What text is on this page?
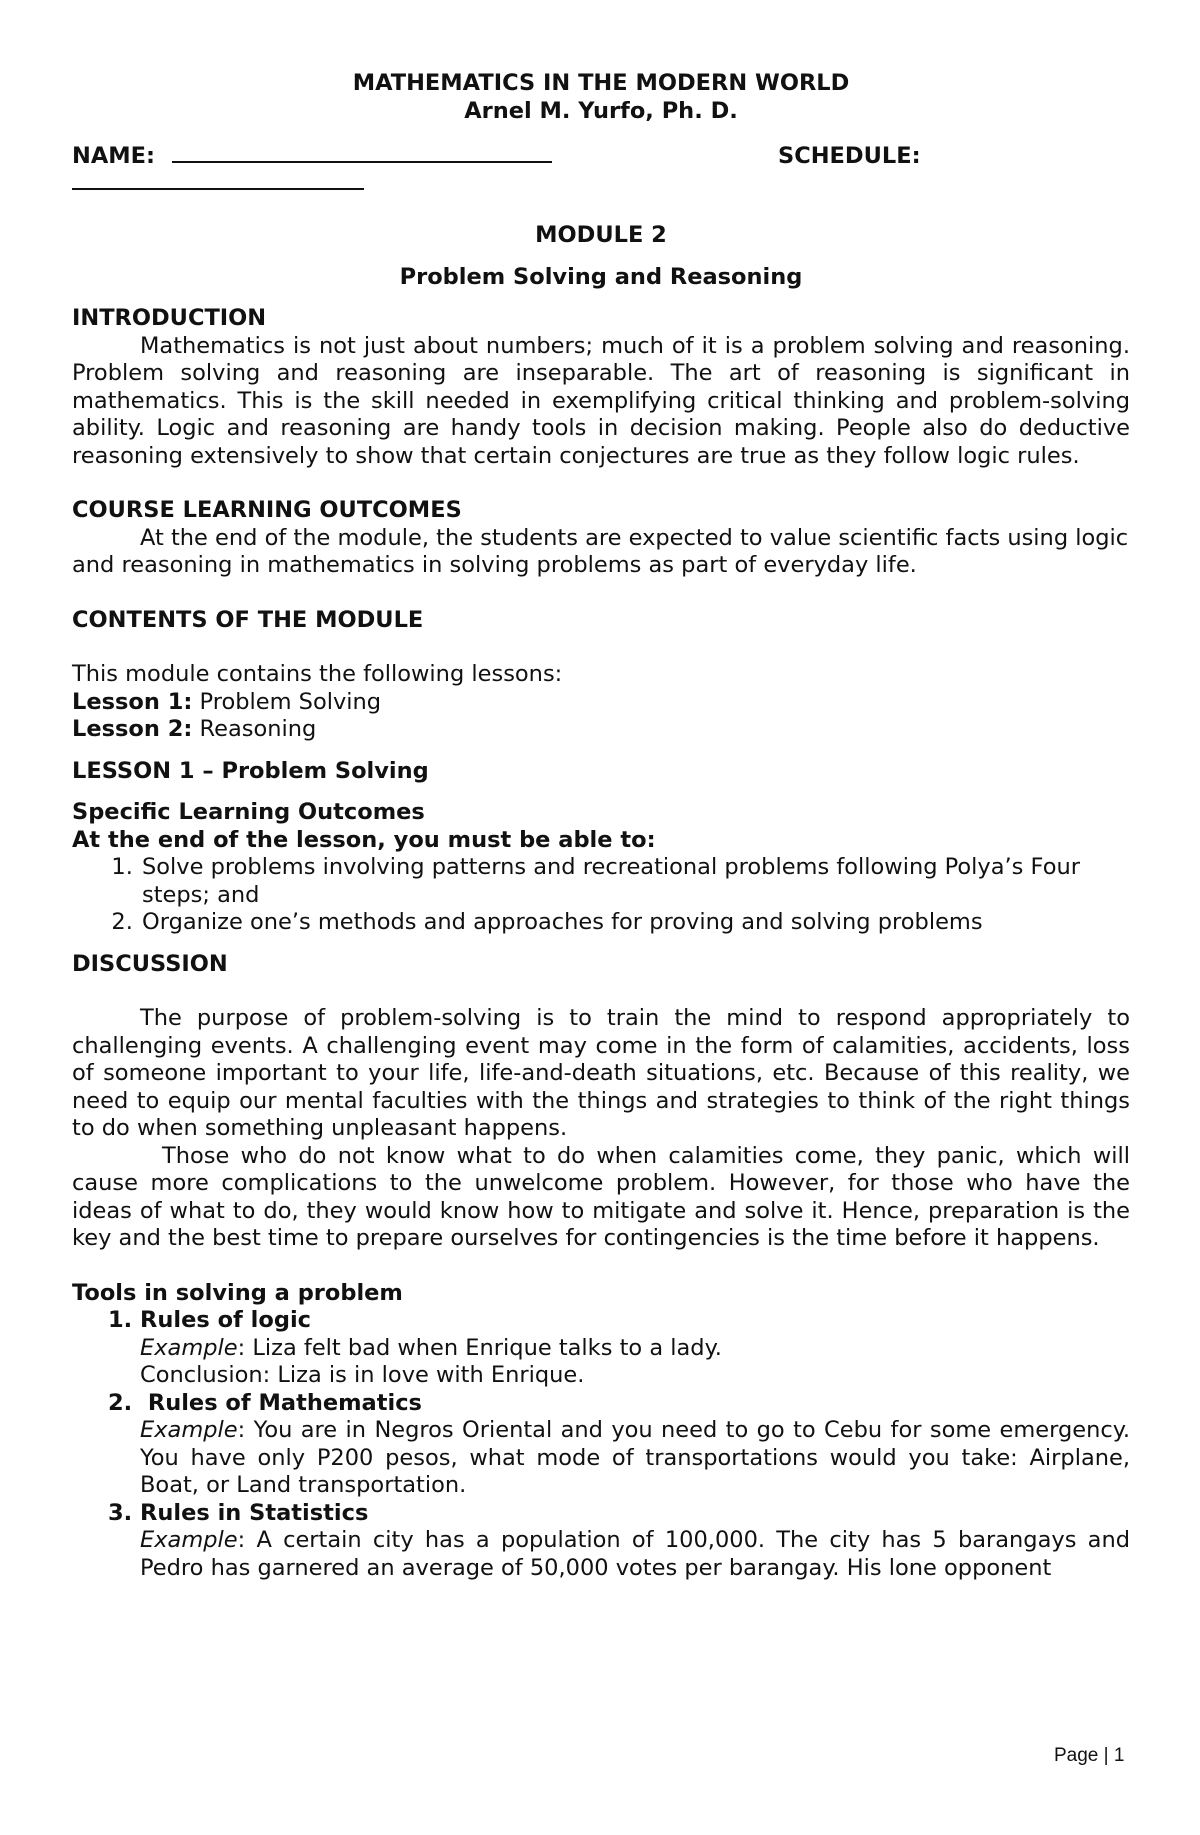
MATHEMATICS IN THE MODERN WORLD

Arnel M. Yurfo, Ph. D.

NAME:	SCHEDULE:

MODULE 2

Problem Solving and Reasoning

INTRODUCTION

Mathematics is not just about numbers; much of it is a problem solving and reasoning. Problem solving and reasoning are inseparable. The art of reasoning is significant in mathematics. This is the skill needed in exemplifying critical thinking and problem-solving ability. Logic and reasoning are handy tools in decision making. People also do deductive reasoning extensively to show that certain conjectures are true as they follow logic rules.

COURSE LEARNING OUTCOMES

At the end of the module, the students are expected to value scientific facts using logic and reasoning in mathematics in solving problems as part of everyday life.

CONTENTS OF THE MODULE

This module contains the following lessons:

Lesson 1: Problem Solving

Lesson 2: Reasoning

LESSON 1 – Problem Solving

Specific Learning Outcomes

At the end of the lesson, you must be able to:

1. Solve problems involving patterns and recreational problems following Polya’s Four steps; and
2. Organize one’s methods and approaches for proving and solving problems

DISCUSSION

The purpose of problem-solving is to train the mind to respond appropriately to challenging events. A challenging event may come in the form of calamities, accidents, loss of someone important to your life, life-and-death situations, etc. Because of this reality, we need to equip our mental faculties with the things and strategies to think of the right things to do when something unpleasant happens.

Those who do not know what to do when calamities come, they panic, which will cause more complications to the unwelcome problem. However, for those who have the ideas of what to do, they would know how to mitigate and solve it. Hence, preparation is the key and the best time to prepare ourselves for contingencies is the time before it happens.

Tools in solving a problem

1. Rules of logic

Example: Liza felt bad when Enrique talks to a lady.

Conclusion: Liza is in love with Enrique.

2. Rules of Mathematics

Example: You are in Negros Oriental and you need to go to Cebu for some emergency. You have only P200 pesos, what mode of transportations would you take: Airplane, Boat, or Land transportation.

3. Rules in Statistics

Example: A certain city has a population of 100,000. The city has 5 barangays and Pedro has garnered an average of 50,000 votes per barangay. His lone opponent

Page | 1
